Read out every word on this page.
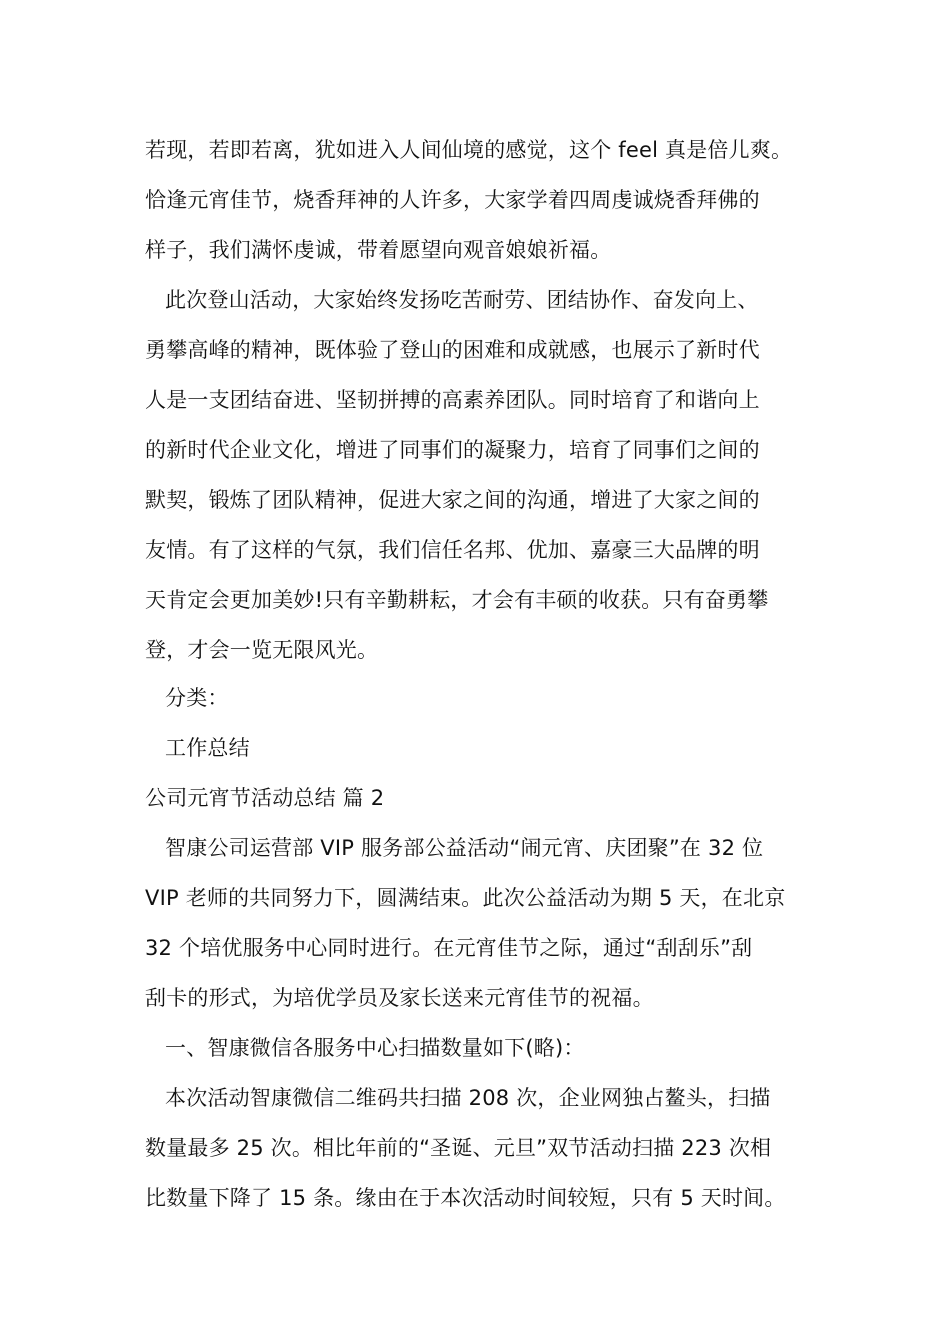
若现，若即若离，犹如进入人间仙境的感觉，这个 feel 真是倍儿爽。
恰逢元宵佳节，烧香拜神的人许多，大家学着四周虔诚烧香拜佛的
样子，我们满怀虔诚，带着愿望向观音娘娘祈福。
此次登山活动，大家始终发扬吃苦耐劳、团结协作、奋发向上、
勇攀高峰的精神，既体验了登山的困难和成就感，也展示了新时代
人是一支团结奋进、坚韧拼搏的高素养团队。同时培育了和谐向上
的新时代企业文化，增进了同事们的凝聚力，培育了同事们之间的
默契，锻炼了团队精神，促进大家之间的沟通，增进了大家之间的
友情。有了这样的气氛，我们信任名邦、优加、嘉豪三大品牌的明
天肯定会更加美妙!只有辛勤耕耘，才会有丰硕的收获。只有奋勇攀
登，才会一览无限风光。
分类：
工作总结
公司元宵节活动总结 篇 2
智康公司运营部 VIP 服务部公益活动“闹元宵、庆团聚”在 32 位
VIP 老师的共同努力下，圆满结束。此次公益活动为期 5 天，在北京
32 个培优服务中心同时进行。在元宵佳节之际，通过“刮刮乐”刮
刮卡的形式，为培优学员及家长送来元宵佳节的祝福。
一、智康微信各服务中心扫描数量如下(略)：
本次活动智康微信二维码共扫描 208 次，企业网独占鳌头，扫描
数量最多 25 次。相比年前的“圣诞、元旦”双节活动扫描 223 次相
比数量下降了 15 条。缘由在于本次活动时间较短，只有 5 天时间。
